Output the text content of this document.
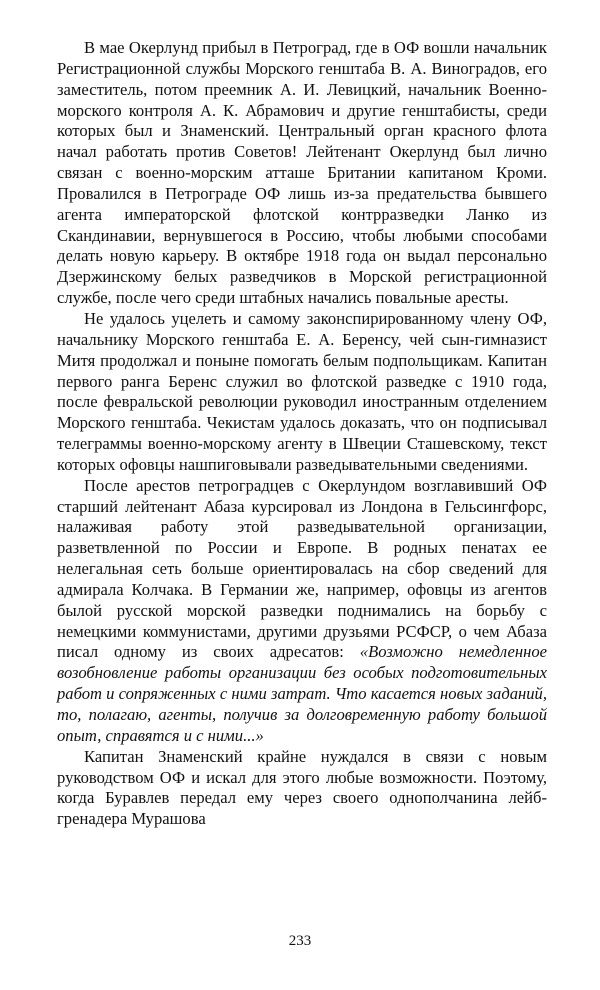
В мае Окерлунд прибыл в Петроград, где в ОФ вошли начальник Регистрационной службы Морского генштаба В. А. Виноградов, его заместитель, потом преемник А. И. Левицкий, начальник Военно-морского контроля А. К. Абрамович и другие генштабисты, среди которых был и Знаменский. Центральный орган красного флота начал работать против Советов! Лейтенант Окерлунд был лично связан с военно-морским атташе Британии капитаном Кроми. Провалился в Петрограде ОФ лишь из-за предательства бывшего агента императорской флотской контрразведки Ланко из Скандинавии, вернувшегося в Россию, чтобы любыми способами делать новую карьеру. В октябре 1918 года он выдал персонально Дзержинскому белых разведчиков в Морской регистрационной службе, после чего среди штабных начались повальные аресты.

Не удалось уцелеть и самому законспирированному члену ОФ, начальнику Морского генштаба Е. А. Беренсу, чей сын-гимназист Митя продолжал и поныне помогать белым подпольщикам. Капитан первого ранга Беренс служил во флотской разведке с 1910 года, после февральской революции руководил иностранным отделением Морского генштаба. Чекистам удалось доказать, что он подписывал телеграммы военно-морскому агенту в Швеции Сташевскому, текст которых офовцы нашпиговывали разведывательными сведениями.

После арестов петроградцев с Окерлундом возглавивший ОФ старший лейтенант Абаза курсировал из Лондона в Гельсингфорс, налаживая работу этой разведывательной организации, разветвленной по России и Европе. В родных пенатах ее нелегальная сеть больше ориентировалась на сбор сведений для адмирала Колчака. В Германии же, например, офовцы из агентов былой русской морской разведки поднимались на борьбу с немецкими коммунистами, другими друзьями РСФСР, о чем Абаза писал одному из своих адресатов: «Возможно немедленное возобновление работы организации без особых подготовительных работ и сопряженных с ними затрат. Что касается новых заданий, то, полагаю, агенты, получив за долговременную работу большой опыт, справятся и с ними...»

Капитан Знаменский крайне нуждался в связи с новым руководством ОФ и искал для этого любые возможности. Поэтому, когда Буравлев передал ему через своего однополчанина лейб-гренадера Мурашова

233
